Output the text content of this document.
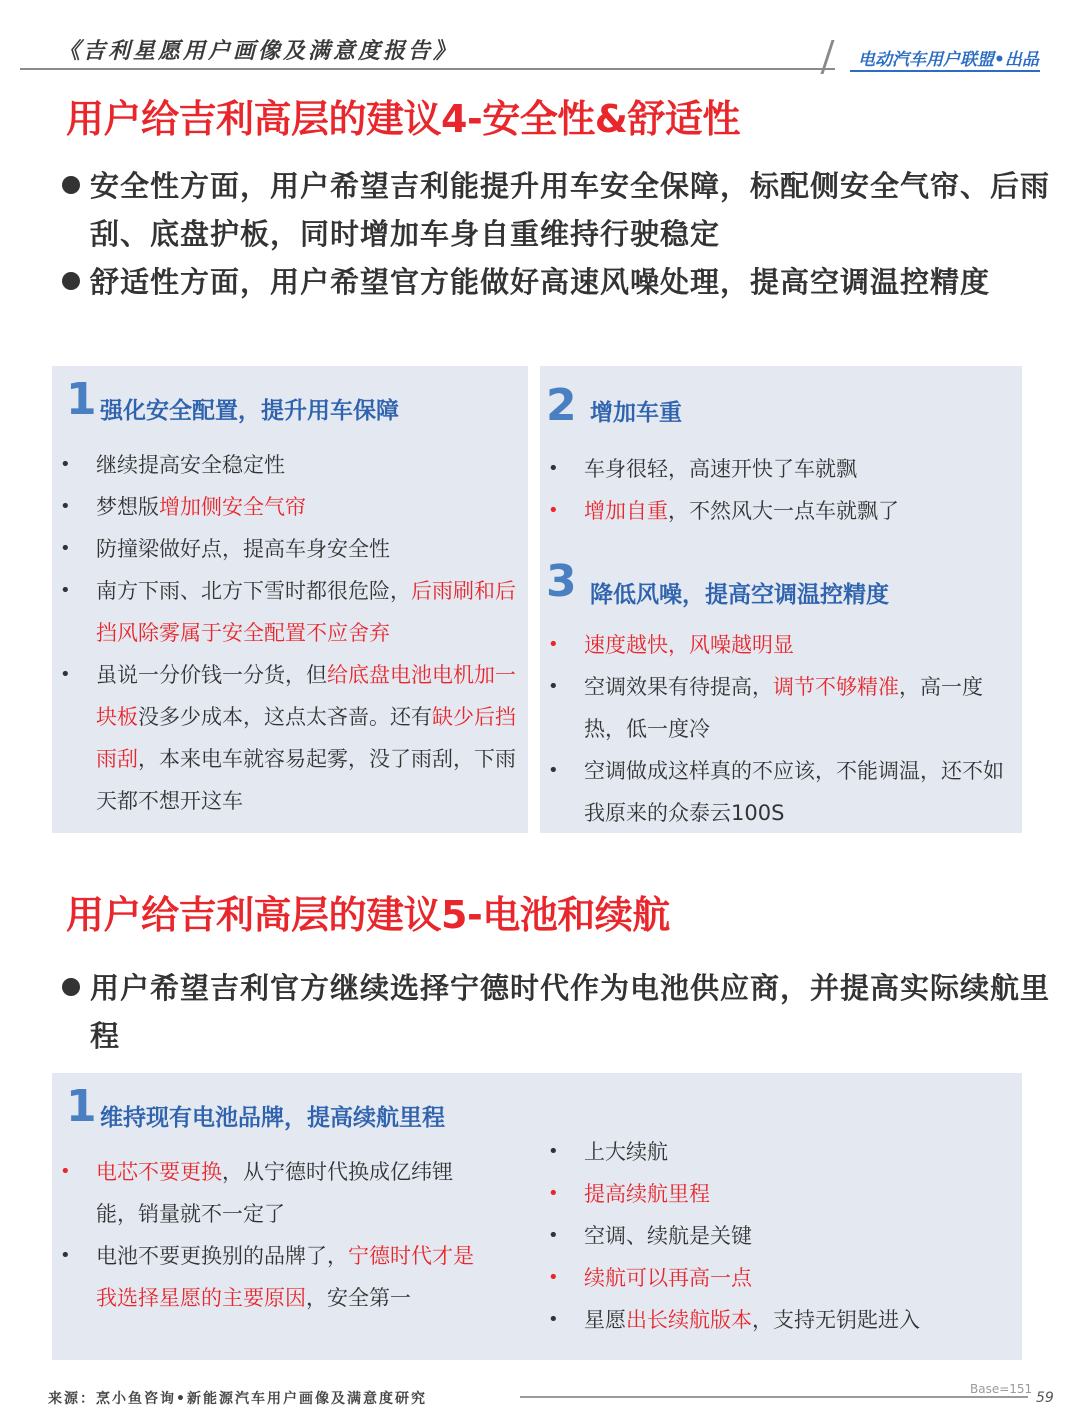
《吉利星愿用户画像及满意度报告》	电动汽车用户联盟•出品
用户给吉利高层的建议4-安全性&舒适性
安全性方面，用户希望吉利能提升用车安全保障，标配侧安全气帘、后雨刮、底盘护板，同时增加车身自重维持行驶稳定
舒适性方面，用户希望官方能做好高速风噪处理，提高空调温控精度
1 强化安全配置，提升用车保障
• 继续提高安全稳定性
• 梦想版增加侧安全气帘
• 防撞梁做好点，提高车身安全性
• 南方下雨、北方下雪时都很危险，后雨刷和后挡风除雾属于安全配置不应舍弃
• 虽说一分价钱一分货，但给底盘电池电机加一块板没多少成本，这点太吝啬。还有缺少后挡雨刮，本来电车就容易起雾，没了雨刮，下雨天都不想开这车
2 增加车重
• 车身很轻，高速开快了车就飘
• 增加自重，不然风大一点车就飘了
3 降低风噪，提高空调温控精度
• 速度越快，风噪越明显
• 空调效果有待提高，调节不够精准，高一度热，低一度冷
• 空调做成这样真的不应该，不能调温，还不如我原来的众泰云100S
用户给吉利高层的建议5-电池和续航
用户希望吉利官方继续选择宁德时代作为电池供应商，并提高实际续航里程
1 维持现有电池品牌，提高续航里程
• 电芯不要更换，从宁德时代换成亿纬锂能，销量就不一定了
• 电池不要更换别的品牌了，宁德时代才是我选择星愿的主要原因，安全第一
• 上大续航
• 提高续航里程
• 空调、续航是关键
• 续航可以再高一点
• 星愿出长续航版本，支持无钥匙进入
来源：烹小鱼咨询•新能源汽车用户画像及满意度研究
Base=151
59
